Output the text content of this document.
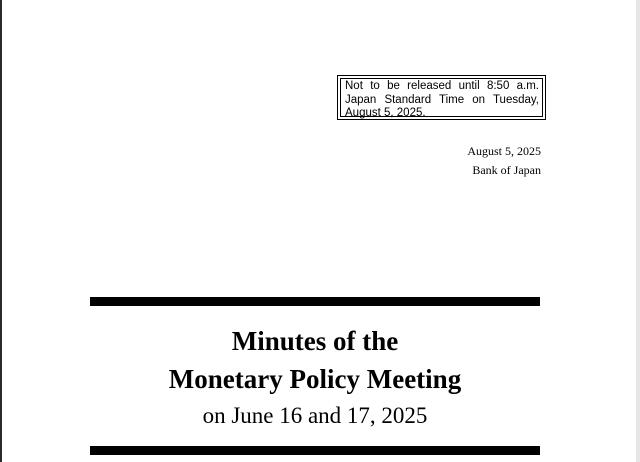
Not to be released until 8:50 a.m.
Japan Standard Time on Tuesday,
August 5, 2025.
August 5, 2025
Bank of Japan
Minutes of the
Monetary Policy Meeting
on June 16 and 17, 2025
